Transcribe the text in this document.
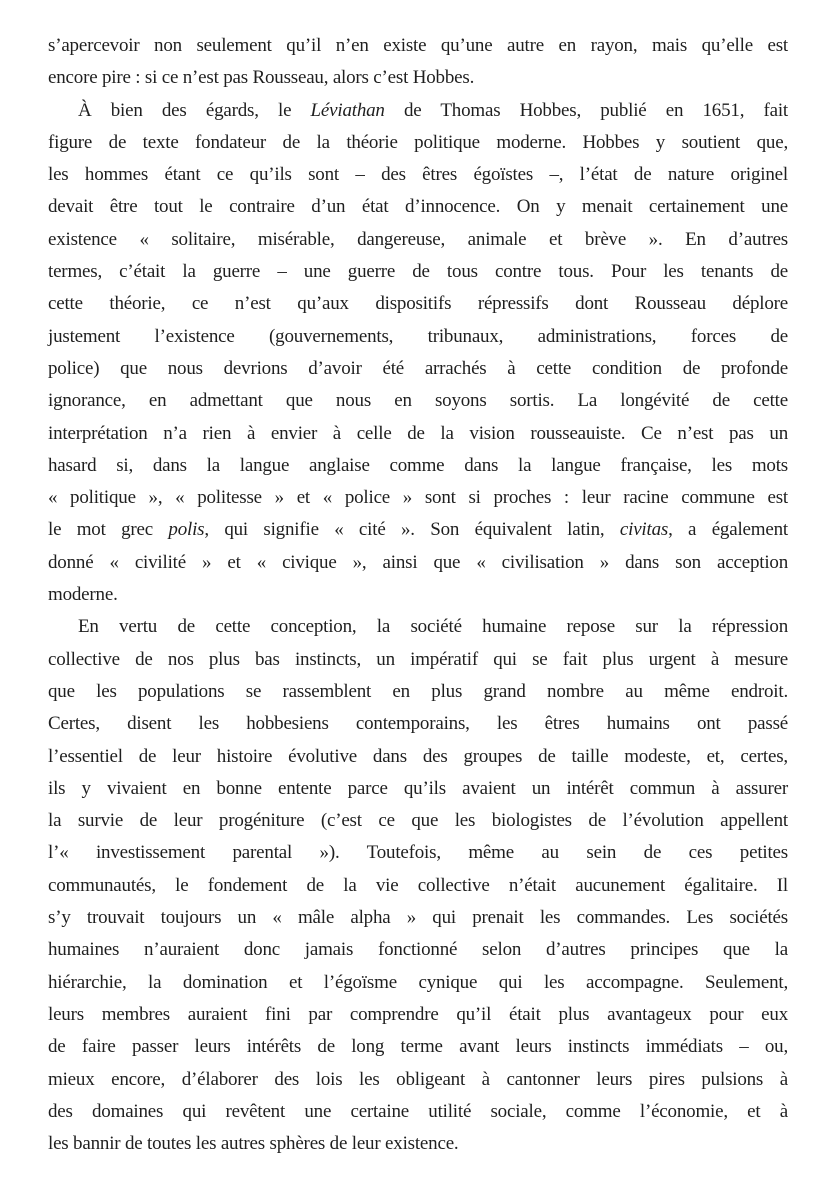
s’apercevoir non seulement qu’il n’en existe qu’une autre en rayon, mais qu’elle est
encore pire : si ce n’est pas Rousseau, alors c’est Hobbes.
À bien des égards, le Léviathan de Thomas Hobbes, publié en 1651, fait
figure de texte fondateur de la théorie politique moderne. Hobbes y soutient que,
les hommes étant ce qu’ils sont – des êtres égoïstes –, l’état de nature originel
devait être tout le contraire d’un état d’innocence. On y menait certainement une
existence « solitaire, misérable, dangereuse, animale et brève ». En d’autres
termes, c’était la guerre – une guerre de tous contre tous. Pour les tenants de
cette théorie, ce n’est qu’aux dispositifs répressifs dont Rousseau déplore
justement l’existence (gouvernements, tribunaux, administrations, forces de
police) que nous devrions d’avoir été arrachés à cette condition de profonde
ignorance, en admettant que nous en soyons sortis. La longévité de cette
interprétation n’a rien à envier à celle de la vision rousseauiste. Ce n’est pas un
hasard si, dans la langue anglaise comme dans la langue française, les mots
« politique », « politesse » et « police » sont si proches : leur racine commune est
le mot grec polis, qui signifie « cité ». Son équivalent latin, civitas, a également
donné « civilité » et « civique », ainsi que « civilisation » dans son acception
moderne.
En vertu de cette conception, la société humaine repose sur la répression
collective de nos plus bas instincts, un impératif qui se fait plus urgent à mesure
que les populations se rassemblent en plus grand nombre au même endroit.
Certes, disent les hobbesiens contemporains, les êtres humains ont passé
l’essentiel de leur histoire évolutive dans des groupes de taille modeste, et, certes,
ils y vivaient en bonne entente parce qu’ils avaient un intérêt commun à assurer
la survie de leur progéniture (c’est ce que les biologistes de l’évolution appellent
l’« investissement parental »). Toutefois, même au sein de ces petites
communautés, le fondement de la vie collective n’était aucunement égalitaire. Il
s’y trouvait toujours un « mâle alpha » qui prenait les commandes. Les sociétés
humaines n’auraient donc jamais fonctionné selon d’autres principes que la
hiérarchie, la domination et l’égoïsme cynique qui les accompagne. Seulement,
leurs membres auraient fini par comprendre qu’il était plus avantageux pour eux
de faire passer leurs intérêts de long terme avant leurs instincts immédiats – ou,
mieux encore, d’élaborer des lois les obligeant à cantonner leurs pires pulsions à
des domaines qui revêtent une certaine utilité sociale, comme l’économie, et à
les bannir de toutes les autres sphères de leur existence.
